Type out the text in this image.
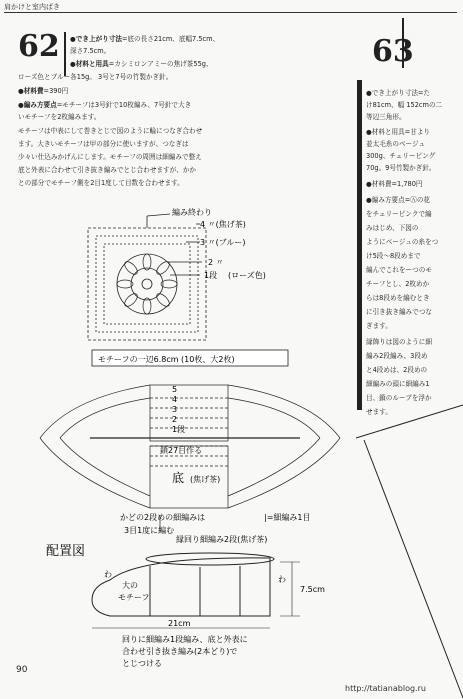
肩かけと室内ばき
62 ●でき上がり寸法=底の長さ21cm、底幅7.5cm、
深さ7.5cm。
●材料と用具=カシミロンアミーの焦げ茶55g、
ローズ色とブルー各15g。 3号と7号の竹製かぎ針。
●材料費=390円
●編み方要点=モチーフは3号針で10枚編み、7号針で大き
いモチーフを2枚編みます。
モチーフは中表にして巻きとじで図のように輪につなぎ合わせ
ます。大きいモチーフは甲の部分に使いますが、つなぎは
少々い仕込みかげんにします。モチーフの周囲は細編みで整え
底と外表に合わせて引き抜き編みでとじ合わせますが、かか
との部分でモチーフ側を2目1度して目数を合わせます。
63
●でき上がり寸法=た
け81cm、幅 152cmの二
等辺三角形。
●材料と用具=甘より
並太毛糸のベージュ
300g、チェリーピング
70g。9号竹製かぎ針。
●材料費=1,780円
●編み方要点=Ⓐの花
をチェリーピンクで編
みはじめ、下図の
ようにベージュの糸をつ
け5段～8段めまで
編んでこれをーつのモ
チーフとし、2枚めか
らは8段めを編むとき
に引き抜き編みでつな
ぎます。
縁飾りは図のように細
編み2段編み、3段め
と4段めは、2段めの
細編みの頭に細編み1
目、鎖のループを浮か
せます。
編み終わり
4 〃(焦げ茶)
3 〃(ブルー)
2 〃
1段 (ローズ色)
モチーフの一辺6.8cm (10枚、大2枚)
5
4
3
2
1段
鎖27目作る
底 (焦げ茶)
|=細編み1目
かどの2段めの細編みは
3目1度に編む
縁回り細編み2段(焦げ茶)
配置図
わ
大の
モチーフ
わ
7.5cm
21cm
回りに細編み1段編み、底と外表に
合わせ引き抜き編み(2本どり)で
とじつける
90
http://tatianablog.ru
